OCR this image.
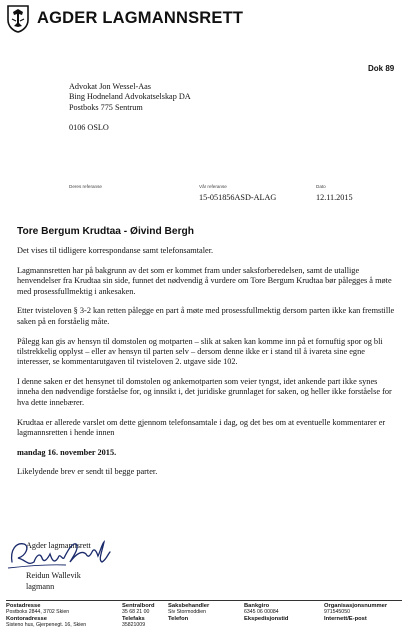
AGDER LAGMANNSRETT
Dok 89
Advokat Jon Wessel-Aas
Bing Hodneland Advokatselskap DA
Postboks 775 Sentrum
0106 OSLO
Deres referanse	Vår referanse
15-051856ASD-ALAG
Dato
12.11.2015
Tore Bergum Krudtaa - Øivind Bergh

Det vises til tidligere korrespondanse samt telefonsamtaler.

Lagmannsretten har på bakgrunn av det som er kommet fram under saksforberedelsen, samt de utallige henvendelser fra Krudtaa sin side, funnet det nødvendig å vurdere om Tore Bergum Krudtaa bør pålegges å møte med prosessfullmektig i ankesaken.

Etter tvisteloven § 3-2 kan retten pålegge en part å møte med prosessfullmektig dersom parten ikke kan fremstille saken på en forståelig måte.

Pålegg kan gis av hensyn til domstolen og motparten – slik at saken kan komme inn på et fornuftig spor og bli tilstrekkelig opplyst – eller av hensyn til parten selv – dersom denne ikke er i stand til å ivareta sine egne interesser, se kommentarutgaven til tvisteloven 2. utgave side 102.

I denne saken er det hensynet til domstolen og ankemotparten som veier tyngst, idet ankende part ikke synes inneha den nødvendige forståelse for, og innsikt i, det juridiske grunnlaget for saken, og heller ikke forståelse for hva dette innebærer.

Krudtaa er allerede varslet om dette gjennom telefonsamtale i dag, og det bes om at eventuelle kommentarer er lagmannsretten i hende innen

mandag 16. november 2015.

Likelydende brev er sendt til begge parter.

Agder lagmannsrett
Reidun Wallevik
lagmann
Postadresse
Postboks 2844, 3702 Skien
Kontoradresse
Sisteno hus, Gjerpenegt. 16, Skien
Sentralbord
35 68 21 00
Telefaks
35821009
Saksbehandler
Siv Stormoddien
Telefon
Bankgiro
6345 06 00084
Ekspedisjonstid
Organisasjonsnummer
971545050
Internett/E-post
